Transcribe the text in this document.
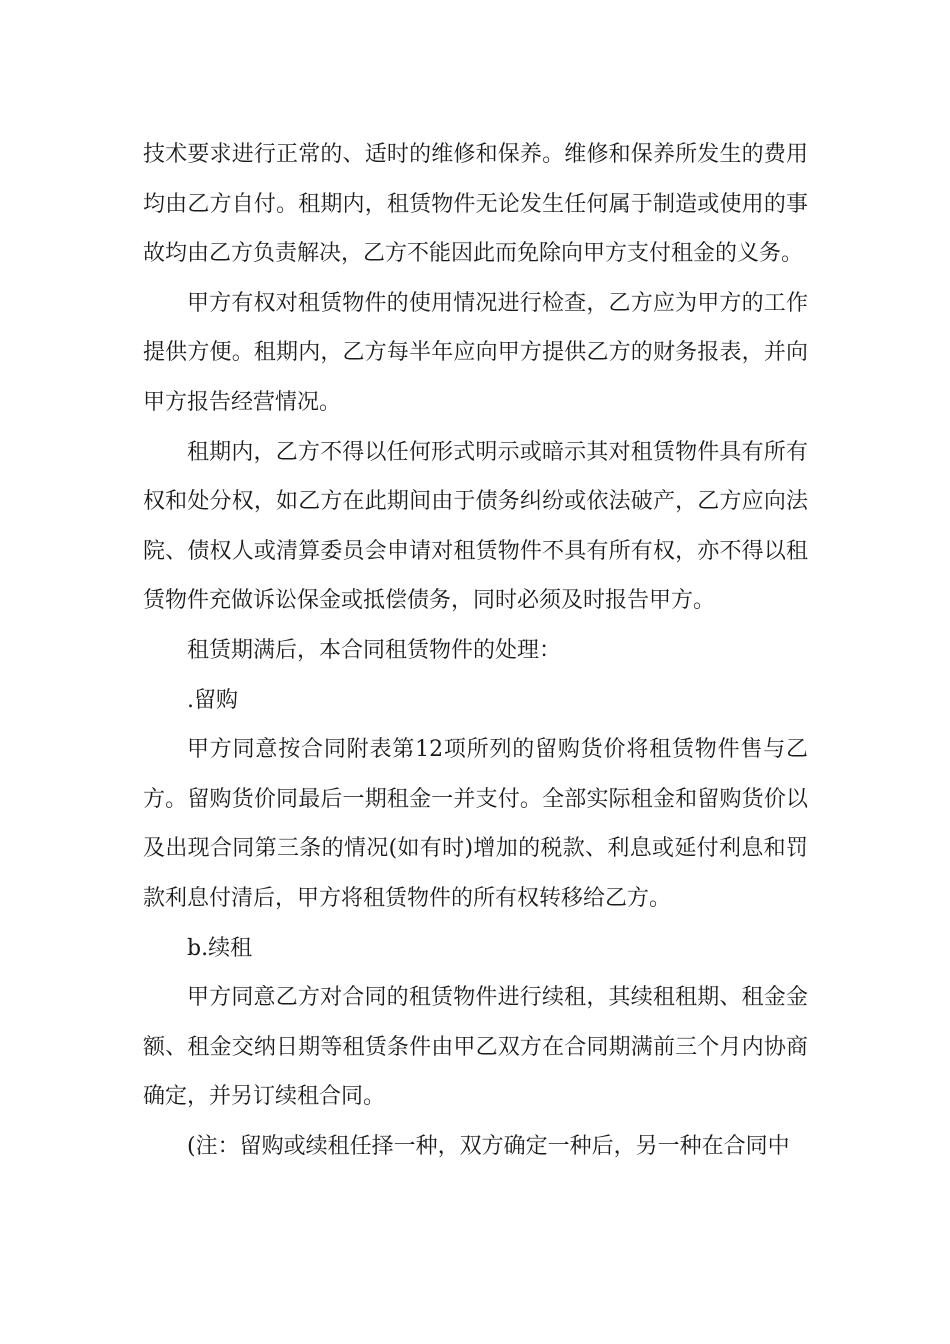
技术要求进行正常的、适时的维修和保养。维修和保养所发生的费用均由乙方自付。租期内，租赁物件无论发生任何属于制造或使用的事故均由乙方负责解决，乙方不能因此而免除向甲方支付租金的义务。

甲方有权对租赁物件的使用情况进行检查，乙方应为甲方的工作提供方便。租期内，乙方每半年应向甲方提供乙方的财务报表，并向甲方报告经营情况。

租期内，乙方不得以任何形式明示或暗示其对租赁物件具有所有权和处分权，如乙方在此期间由于债务纠纷或依法破产，乙方应向法院、债权人或清算委员会申请对租赁物件不具有所有权，亦不得以租赁物件充做诉讼保金或抵偿债务，同时必须及时报告甲方。

租赁期满后，本合同租赁物件的处理：

.留购

甲方同意按合同附表第12项所列的留购货价将租赁物件售与乙方。留购货价同最后一期租金一并支付。全部实际租金和留购货价以及出现合同第三条的情况(如有时)增加的税款、利息或延付利息和罚款利息付清后，甲方将租赁物件的所有权转移给乙方。

b.续租

甲方同意乙方对合同的租赁物件进行续租，其续租租期、租金金额、租金交纳日期等租赁条件由甲乙双方在合同期满前三个月内协商确定，并另订续租合同。

(注：留购或续租任择一种，双方确定一种后，另一种在合同中
